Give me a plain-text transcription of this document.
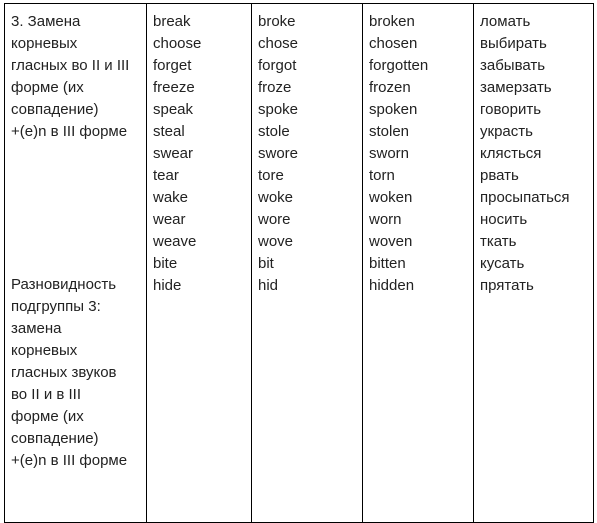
3. Замена
корневых
гласных во II и III
форме (их
совпадение)
+(e)n в III форме
Разновидность
подгруппы 3:
замена
корневых
гласных звуков
во II и в III
форме (их
совпадение)
+(e)n в III форме
break
choose
forget
freeze
speak
steal
swear
tear
wake
wear
weave
bite
hide
broke
chose
forgot
froze
spoke
stole
swore
tore
woke
wore
wove
bit
hid
broken
chosen
forgotten
frozen
spoken
stolen
sworn
torn
woken
worn
woven
bitten
hidden
ломать
выбирать
забывать
замерзать
говорить
украсть
клясться
рвать
просыпаться
носить
ткать
кусать
прятать
